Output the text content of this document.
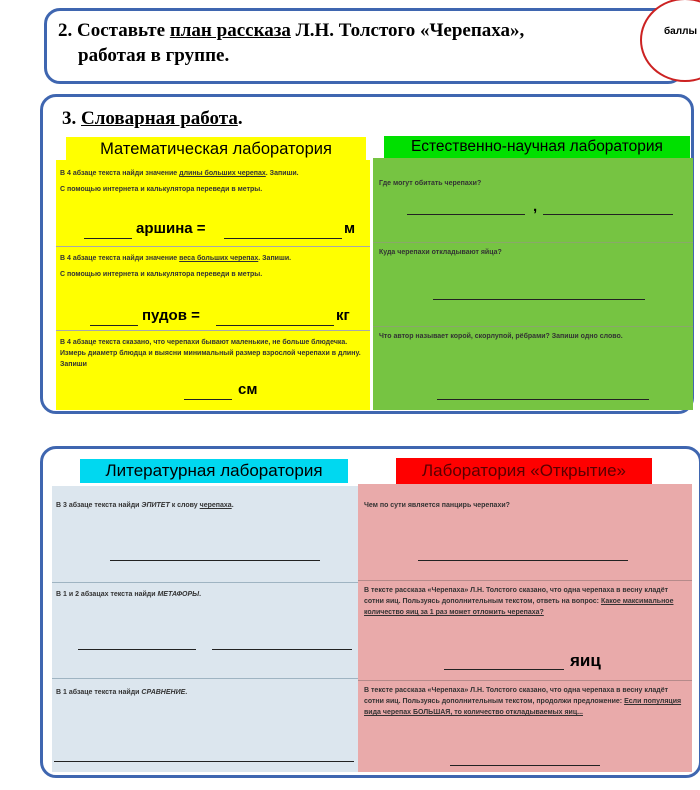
2. Составьте план рассказа Л.Н. Толстого «Черепаха»,
работая в группе.
баллы
3. Словарная работа.
Математическая лаборатория	Естественно-научная лаборатория
В 4 абзаце текста найди значение длины больших черепах. Запиши.
С помощью интернета и калькулятора переведи в метры.
аршина =	м
В 4 абзаце текста найди значение веса больших черепах. Запиши.
С помощью интернета и калькулятора переведи в метры.
пудов =	кг
В 4 абзаце текста сказано, что черепахи бывают маленькие, не больше блюдечка. Измерь диаметр блюдца и выясни минимальный размер взрослой черепахи в длину. Запиши
см
Где могут обитать черепахи?
,
Куда черепахи откладывают яйца?
Что автор называет корой, скорлупой, рёбрами? Запиши одно слово.
Литературная лаборатория	Лаборатория «Открытие»
В 3 абзаце текста найди ЭПИТЕТ к слову черепаха.
В 1 и 2 абзацах текста найди МЕТАФОРЫ.
В 1 абзаце текста найди СРАВНЕНИЕ.
Чем по сути является панцирь черепахи?
В тексте рассказа «Черепаха» Л.Н. Толстого сказано, что одна черепаха в весну кладёт сотни яиц. Пользуясь дополнительным текстом, ответь на вопрос: Какое максимальное количество яиц за 1 раз может отложить черепаха?
яиц
В тексте рассказа «Черепаха» Л.Н. Толстого сказано, что одна черепаха в весну кладёт сотни яиц. Пользуясь дополнительным текстом, продолжи предложение: Если популяция вида черепах БОЛЬШАЯ, то количество откладываемых яиц...
